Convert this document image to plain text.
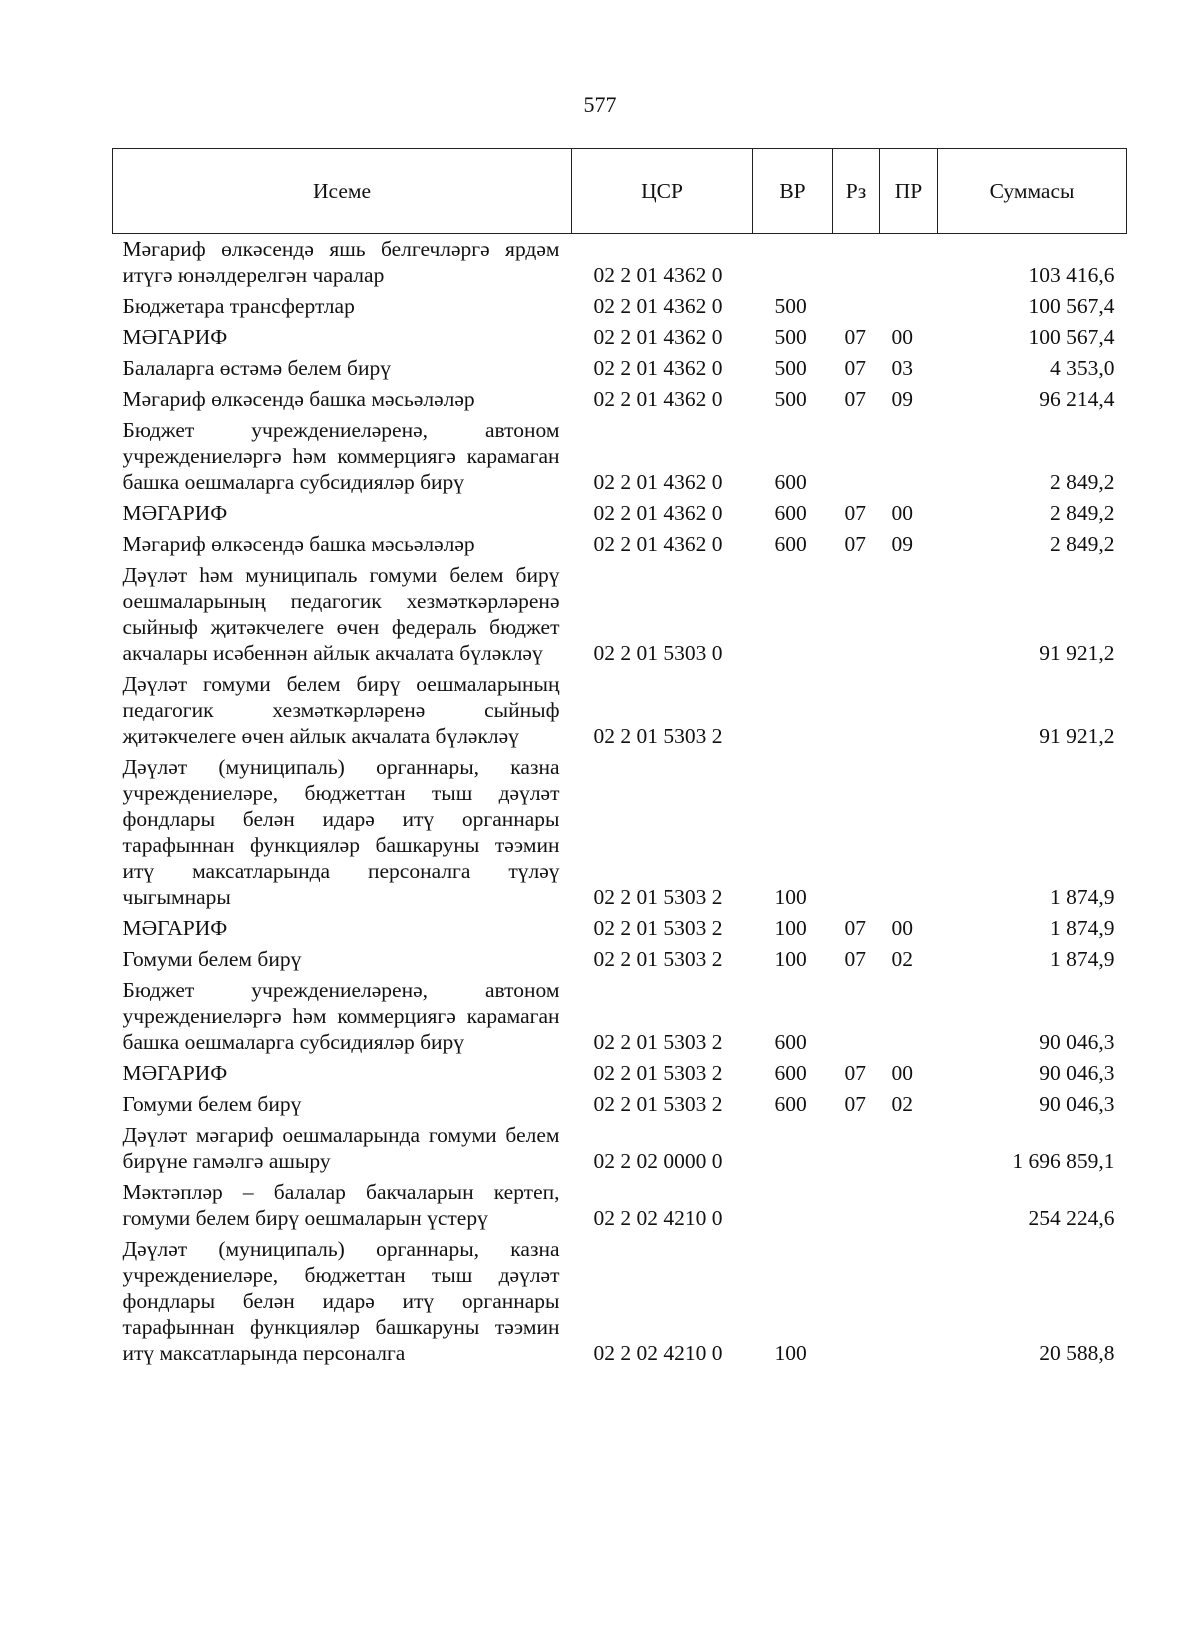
577
Исеме	ЦСР	ВР	Рз	ПР	Суммасы
Мәгариф өлкәсендә яшь белгечләргә ярдәм итүгә юнәлдерелгән чаралар	02 2 01 4362 0				103 416,6
Бюджетара трансфертлар	02 2 01 4362 0	500			100 567,4
МӘГАРИФ	02 2 01 4362 0	500	07	00	100 567,4
Балаларга өстәмә белем бирү	02 2 01 4362 0	500	07	03	4 353,0
Мәгариф өлкәсендә башка мәсьәләләр	02 2 01 4362 0	500	07	09	96 214,4
Бюджет учреждениеләренә, автоном учреждениеләргә һәм коммерциягә карамаган башка оешмаларга субсидияләр бирү	02 2 01 4362 0	600			2 849,2
МӘГАРИФ	02 2 01 4362 0	600	07	00	2 849,2
Мәгариф өлкәсендә башка мәсьәләләр	02 2 01 4362 0	600	07	09	2 849,2
Дәүләт һәм муниципаль гомуми белем бирү оешмаларының педагогик хезмәткәрләренә сыйныф җитәкчелеге өчен федераль бюджет акчалары исәбеннән айлык акчалата бүләкләү	02 2 01 5303 0				91 921,2
Дәүләт гомуми белем бирү оешмаларының педагогик хезмәткәрләренә сыйныф җитәкчелеге өчен айлык акчалата бүләкләү	02 2 01 5303 2				91 921,2
Дәүләт (муниципаль) органнары, казна учреждениеләре, бюджеттан тыш дәүләт фондлары белән идарә итү органнары тарафыннан функцияләр башкаруны тәэмин итү максатларында персоналга түләү чыгымнары	02 2 01 5303 2	100			1 874,9
МӘГАРИФ	02 2 01 5303 2	100	07	00	1 874,9
Гомуми белем бирү	02 2 01 5303 2	100	07	02	1 874,9
Бюджет учреждениеләренә, автоном учреждениеләргә һәм коммерциягә карамаган башка оешмаларга субсидияләр бирү	02 2 01 5303 2	600			90 046,3
МӘГАРИФ	02 2 01 5303 2	600	07	00	90 046,3
Гомуми белем бирү	02 2 01 5303 2	600	07	02	90 046,3
Дәүләт мәгариф оешмаларында гомуми белем бирүне гамәлгә ашыру	02 2 02 0000 0				1 696 859,1
Мәктәпләр – балалар бакчаларын кертеп, гомуми белем бирү оешмаларын үстерү	02 2 02 4210 0				254 224,6
Дәүләт (муниципаль) органнары, казна учреждениеләре, бюджеттан тыш дәүләт фондлары белән идарә итү органнары тарафыннан функцияләр башкаруны тәэмин итү максатларында персоналга	02 2 02 4210 0	100			20 588,8
